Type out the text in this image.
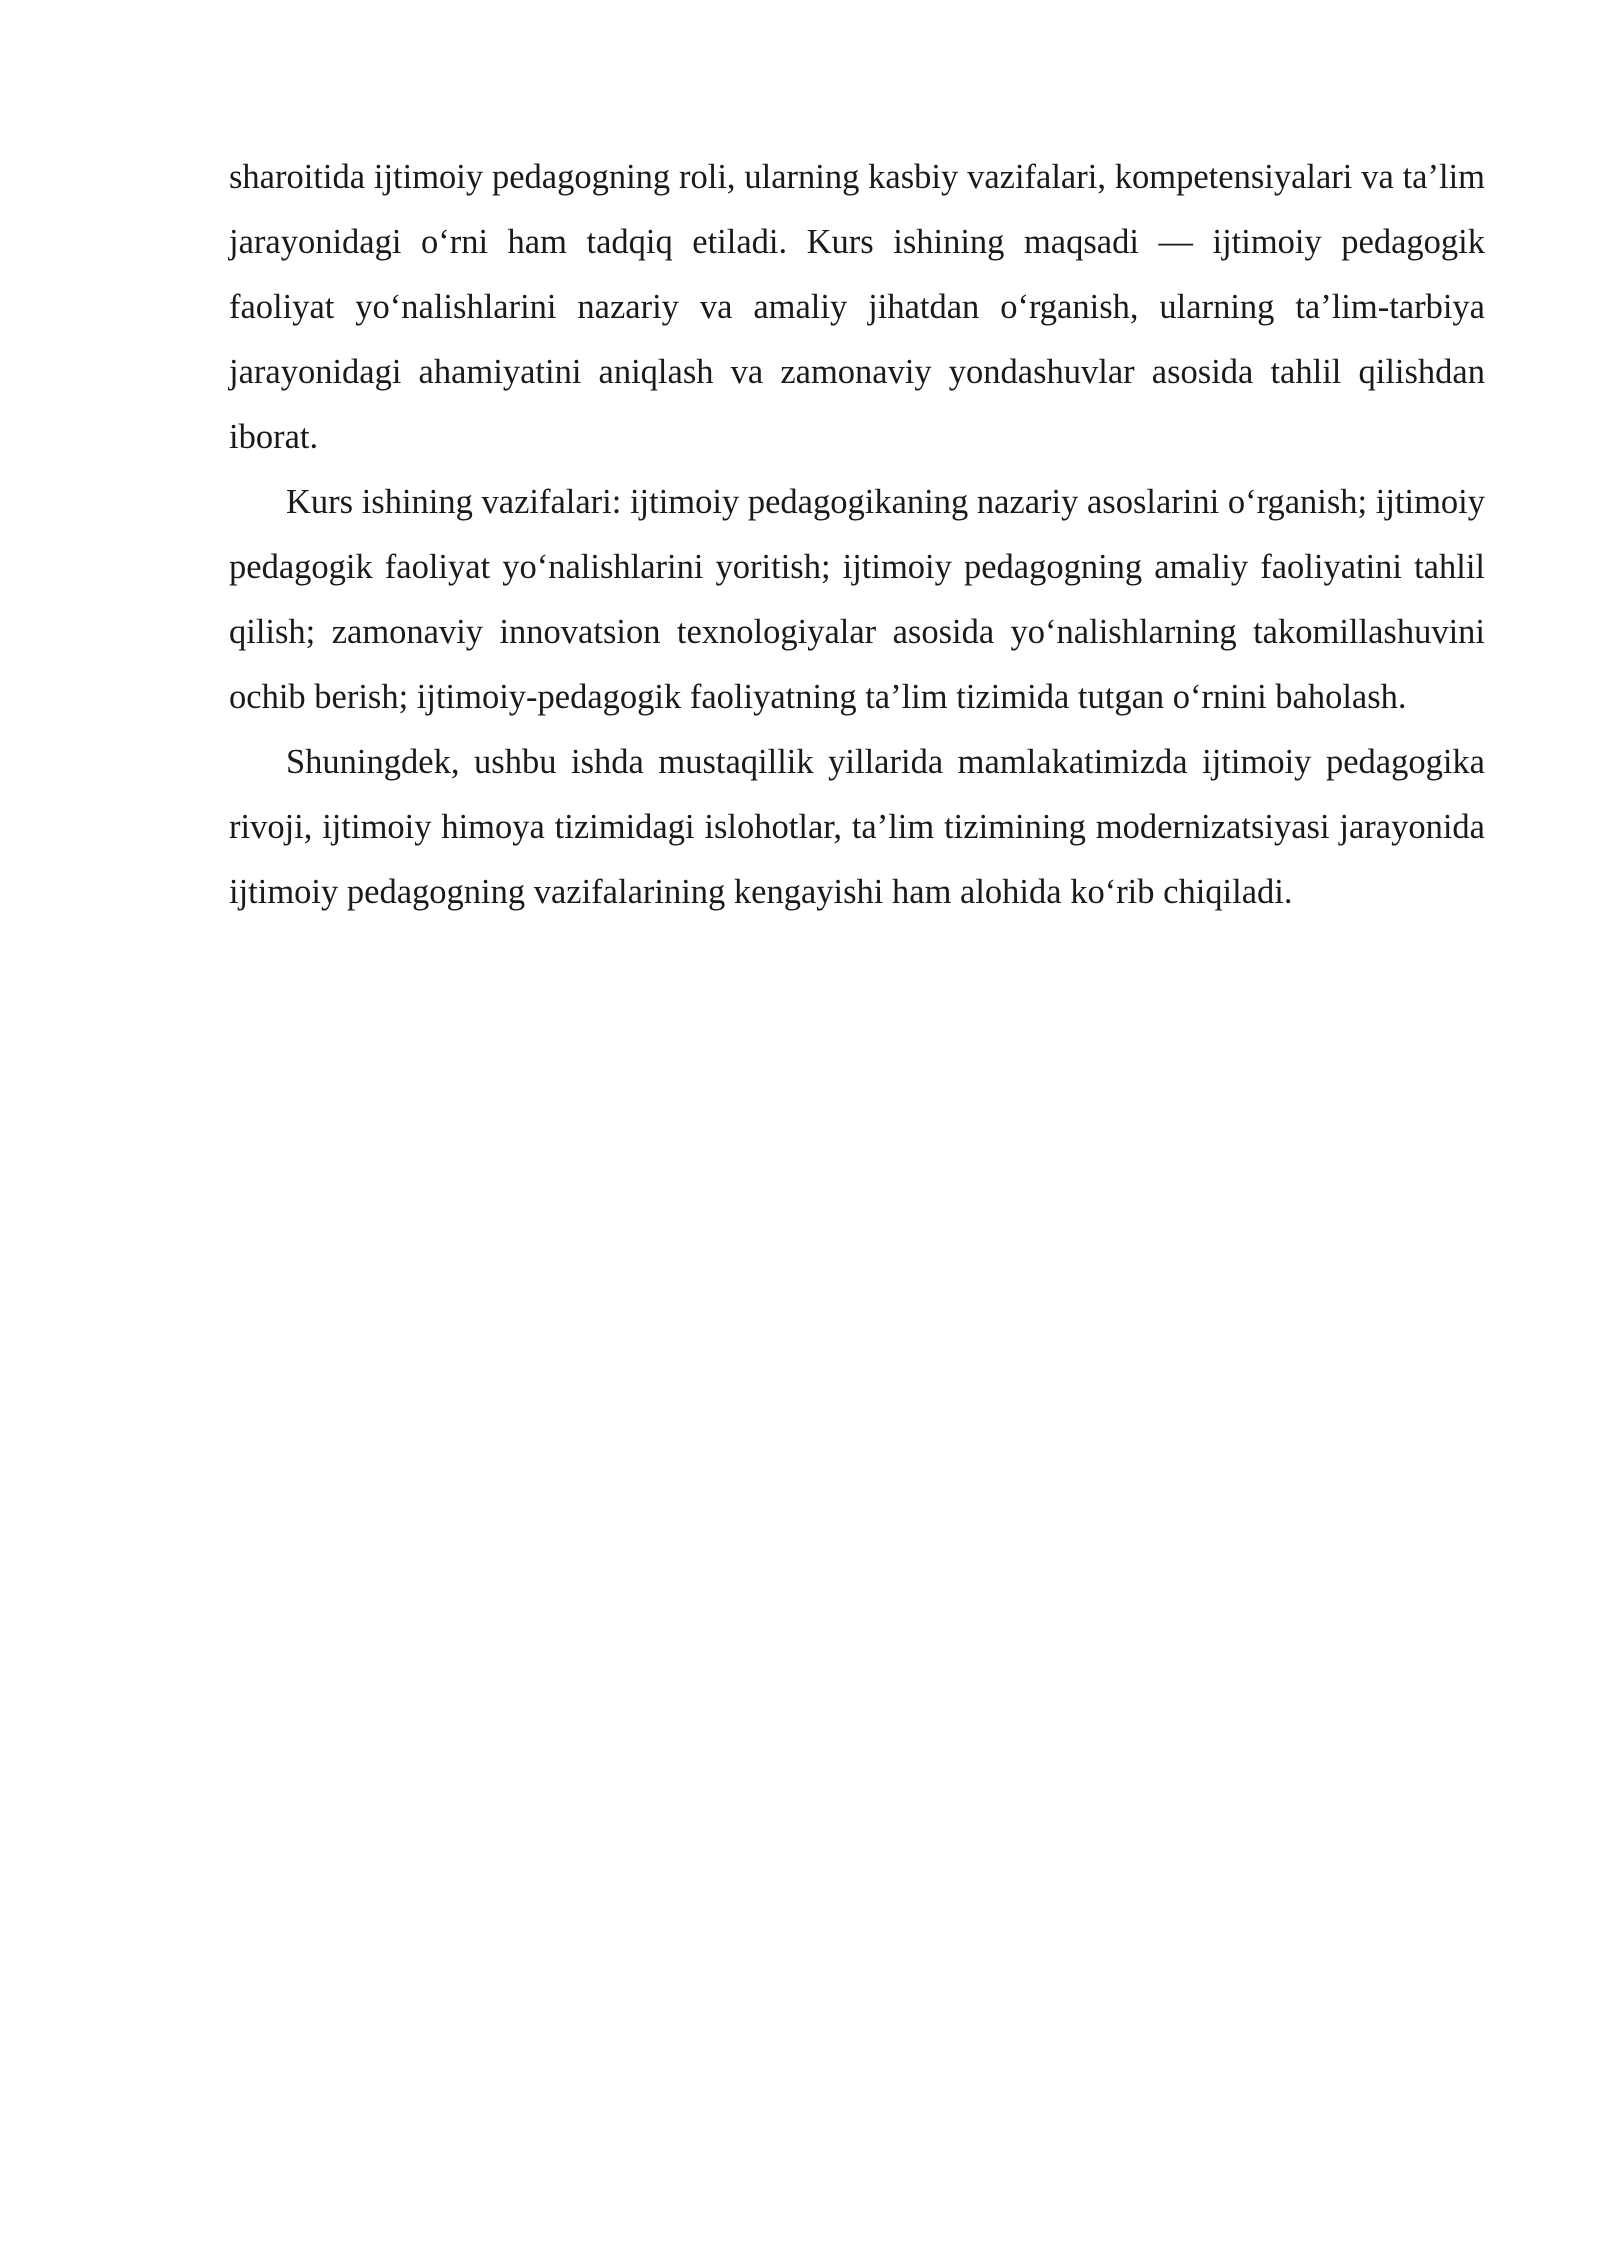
sharoitida ijtimoiy pedagogning roli, ularning kasbiy vazifalari, kompetensiyalari va ta’lim jarayonidagi o‘rni ham tadqiq etiladi. Kurs ishining maqsadi — ijtimoiy pedagogik faoliyat yo‘nalishlarini nazariy va amaliy jihatdan o‘rganish, ularning ta’lim-tarbiya jarayonidagi ahamiyatini aniqlash va zamonaviy yondashuvlar asosida tahlil qilishdan iborat.

Kurs ishining vazifalari: ijtimoiy pedagogikaning nazariy asoslarini o‘rganish; ijtimoiy pedagogik faoliyat yo‘nalishlarini yoritish; ijtimoiy pedagogning amaliy faoliyatini tahlil qilish; zamonaviy innovatsion texnologiyalar asosida yo‘nalishlarning takomillashuvini ochib berish; ijtimoiy-pedagogik faoliyatning ta’lim tizimida tutgan o‘rnini baholash.

Shuningdek, ushbu ishda mustaqillik yillarida mamlakatimizda ijtimoiy pedagogika rivoji, ijtimoiy himoya tizimidagi islohotlar, ta’lim tizimining modernizatsiyasi jarayonida ijtimoiy pedagogning vazifalarining kengayishi ham alohida ko‘rib chiqiladi.
